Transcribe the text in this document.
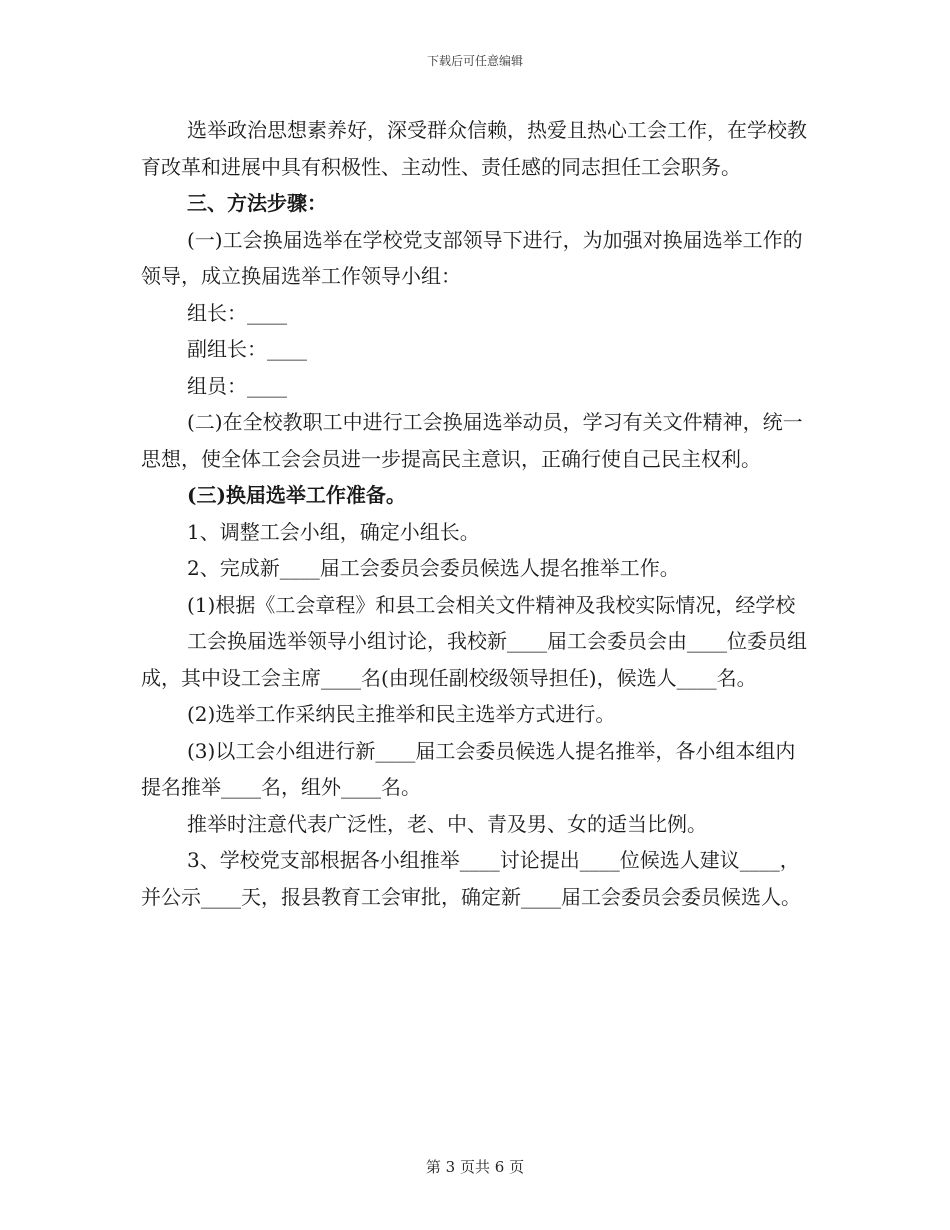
下载后可任意编辑

选举政治思想素养好，深受群众信赖，热爱且热心工会工作，在学校教育改革和进展中具有积极性、主动性、责任感的同志担任工会职务。

三、方法步骤：

(一)工会换届选举在学校党支部领导下进行，为加强对换届选举工作的领导，成立换届选举工作领导小组：

组长：____

副组长：____

组员：____

(二)在全校教职工中进行工会换届选举动员，学习有关文件精神，统一思想，使全体工会会员进一步提高民主意识，正确行使自己民主权利。

(三)换届选举工作准备。

1、调整工会小组，确定小组长。

2、完成新____届工会委员会委员候选人提名推举工作。

(1)根据《工会章程》和县工会相关文件精神及我校实际情况，经学校

工会换届选举领导小组讨论，我校新____届工会委员会由____位委员组成，其中设工会主席____名(由现任副校级领导担任)，候选人____名。

(2)选举工作采纳民主推举和民主选举方式进行。

(3)以工会小组进行新____届工会委员候选人提名推举，各小组本组内提名推举____名，组外____名。

推举时注意代表广泛性，老、中、青及男、女的适当比例。

3、学校党支部根据各小组推举____讨论提出____位候选人建议____，并公示____天，报县教育工会审批，确定新____届工会委员会委员候选人。

第 3 页共 6 页
